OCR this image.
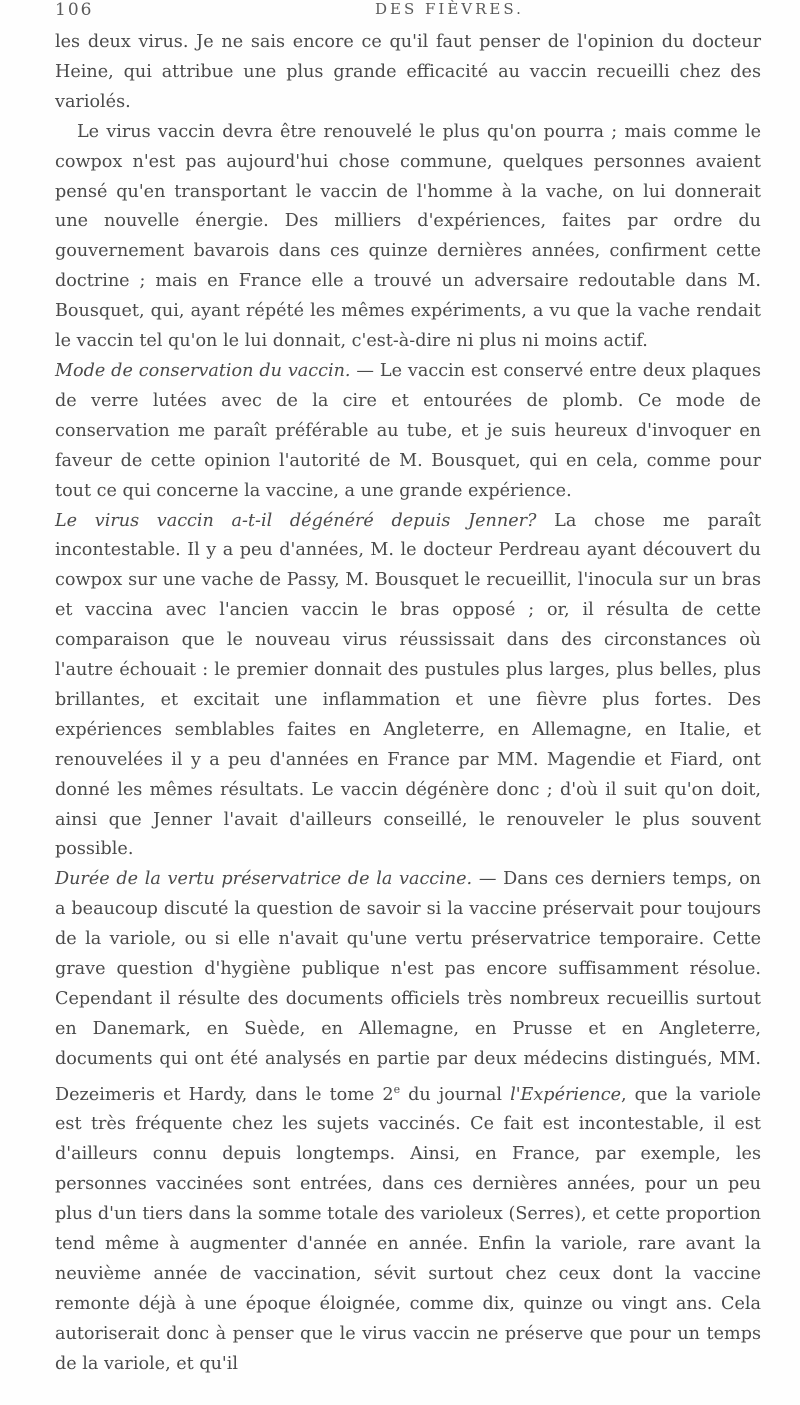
106	DES FIÈVRES.

les deux virus. Je ne sais encore ce qu'il faut penser de l'opinion du docteur Heine, qui attribue une plus grande efficacité au vaccin recueilli chez des variolés.

Le virus vaccin devra être renouvelé le plus qu'on pourra ; mais comme le cowpox n'est pas aujourd'hui chose commune, quelques personnes avaient pensé qu'en transportant le vaccin de l'homme à la vache, on lui donnerait une nouvelle énergie. Des milliers d'expériences, faites par ordre du gouvernement bavarois dans ces quinze dernières années, confirment cette doctrine ; mais en France elle a trouvé un adversaire redoutable dans M. Bousquet, qui, ayant répété les mêmes expériments, a vu que la vache rendait le vaccin tel qu'on le lui donnait, c'est-à-dire ni plus ni moins actif.

Mode de conservation du vaccin. — Le vaccin est conservé entre deux plaques de verre lutées avec de la cire et entourées de plomb. Ce mode de conservation me paraît préférable au tube, et je suis heureux d'invoquer en faveur de cette opinion l'autorité de M. Bousquet, qui en cela, comme pour tout ce qui concerne la vaccine, a une grande expérience.

Le virus vaccin a-t-il dégénéré depuis Jenner? La chose me paraît incontestable. Il y a peu d'années, M. le docteur Perdreau ayant découvert du cowpox sur une vache de Passy, M. Bousquet le recueillit, l'inocula sur un bras et vaccina avec l'ancien vaccin le bras opposé ; or, il résulta de cette comparaison que le nouveau virus réussissait dans des circonstances où l'autre échouait : le premier donnait des pustules plus larges, plus belles, plus brillantes, et excitait une inflammation et une fièvre plus fortes. Des expériences semblables faites en Angleterre, en Allemagne, en Italie, et renouvelées il y a peu d'années en France par MM. Magendie et Fiard, ont donné les mêmes résultats. Le vaccin dégénère donc ; d'où il suit qu'on doit, ainsi que Jenner l'avait d'ailleurs conseillé, le renouveler le plus souvent possible.

Durée de la vertu préservatrice de la vaccine. — Dans ces derniers temps, on a beaucoup discuté la question de savoir si la vaccine préservait pour toujours de la variole, ou si elle n'avait qu'une vertu préservatrice temporaire. Cette grave question d'hygiène publique n'est pas encore suffisamment résolue. Cependant il résulte des documents officiels très nombreux recueillis surtout en Danemark, en Suède, en Allemagne, en Prusse et en Angleterre, documents qui ont été analysés en partie par deux médecins distingués, MM. Dezeimeris et Hardy, dans le tome 2e du journal l'Expérience, que la variole est très fréquente chez les sujets vaccinés. Ce fait est incontestable, il est d'ailleurs connu depuis longtemps. Ainsi, en France, par exemple, les personnes vaccinées sont entrées, dans ces dernières années, pour un peu plus d'un tiers dans la somme totale des varioleux (Serres), et cette proportion tend même à augmenter d'année en année. Enfin la variole, rare avant la neuvième année de vaccination, sévit surtout chez ceux dont la vaccine remonte déjà à une époque éloignée, comme dix, quinze ou vingt ans. Cela autoriserait donc à penser que le virus vaccin ne préserve que pour un temps de la variole, et qu'il
